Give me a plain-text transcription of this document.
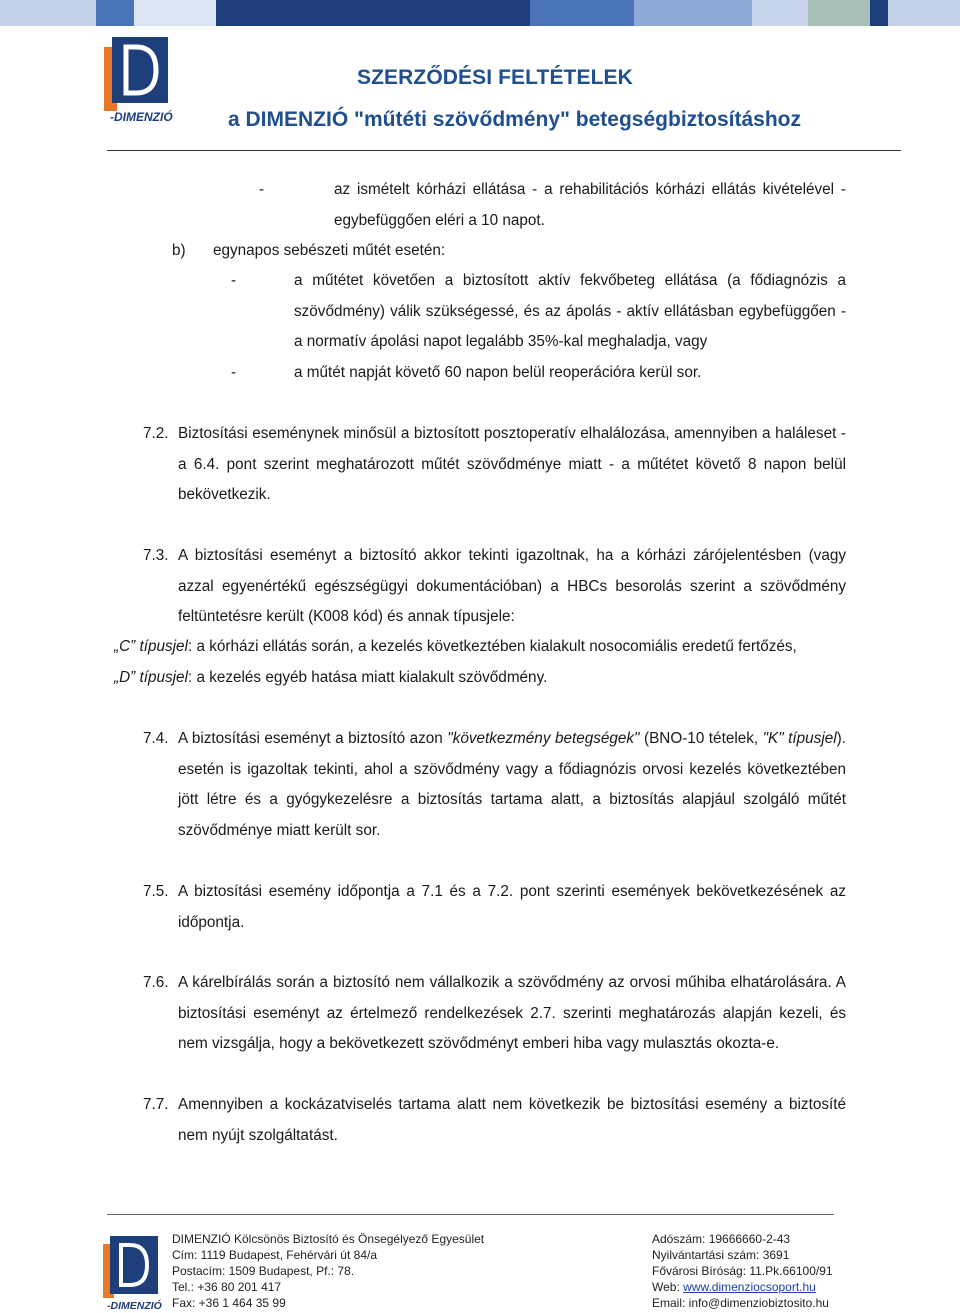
-DIMENZIÓ
SZERZŐDÉSI FELTÉTELEK
a DIMENZIÓ "műtéti szövődmény" betegségbiztosításhoz
-	az ismételt kórházi ellátása - a rehabilitációs kórházi ellátás kivételével - egybefüggően eléri a 10 napot.
b) egynapos sebészeti műtét esetén:
-	a műtétet követően a biztosított aktív fekvőbeteg ellátása (a fődiagnózis a szövődmény) válik szükségessé, és az ápolás - aktív ellátásban egybefüggően - a normatív ápolási napot legalább 35%-kal meghaladja, vagy
-	a műtét napját követő 60 napon belül reoperációra kerül sor.
7.2. Biztosítási eseménynek minősül a biztosított posztoperatív elhalálozása, amennyiben a haláleset - a 6.4. pont szerint meghatározott műtét szövődménye miatt - a műtétet követő 8 napon belül bekövetkezik.
7.3. A biztosítási eseményt a biztosító akkor tekinti igazoltnak, ha a kórházi zárójelentésben (vagy azzal egyenértékű egészségügyi dokumentációban) a HBCs besorolás szerint a szövődmény feltüntetésre került (K008 kód) és annak típusjele:
„C” típusjel: a kórházi ellátás során, a kezelés következtében kialakult nosocomiális eredetű fertőzés,
„D” típusjel: a kezelés egyéb hatása miatt kialakult szövődmény.
7.4. A biztosítási eseményt a biztosító azon "következmény betegségek" (BNO-10 tételek, "K" típusjel). esetén is igazoltak tekinti, ahol a szövődmény vagy a fődiagnózis orvosi kezelés következtében jött létre és a gyógykezelésre a biztosítás tartama alatt, a biztosítás alapjául szolgáló műtét szövődménye miatt került sor.
7.5. A biztosítási esemény időpontja a 7.1 és a 7.2. pont szerinti események bekövetkezésének az időpontja.
7.6. A kárelbírálás során a biztosító nem vállalkozik a szövődmény az orvosi műhiba elhatárolására. A biztosítási eseményt az értelmező rendelkezések 2.7. szerinti meghatározás alapján kezeli, és nem vizsgálja, hogy a bekövetkezett szövődményt emberi hiba vagy mulasztás okozta-e.
7.7. Amennyiben a kockázatviselés tartama alatt nem következik be biztosítási esemény a biztosíté nem nyújt szolgáltatást.
-DIMENZIÓ
DIMENZIÓ Kölcsönös Biztosító és Önsegélyező Egyesület
Cím: 1119 Budapest, Fehérvári út 84/a
Postacím: 1509 Budapest, Pf.: 78.
Tel.: +36 80 201 417
Fax: +36 1 464 35 99
Adószám: 19666660-2-43
Nyilvántartási szám: 3691
Fővárosi Bíróság: 11.Pk.66100/91
Web: www.dimenziocsoport.hu
Email: info@dimenziobiztosito.hu
